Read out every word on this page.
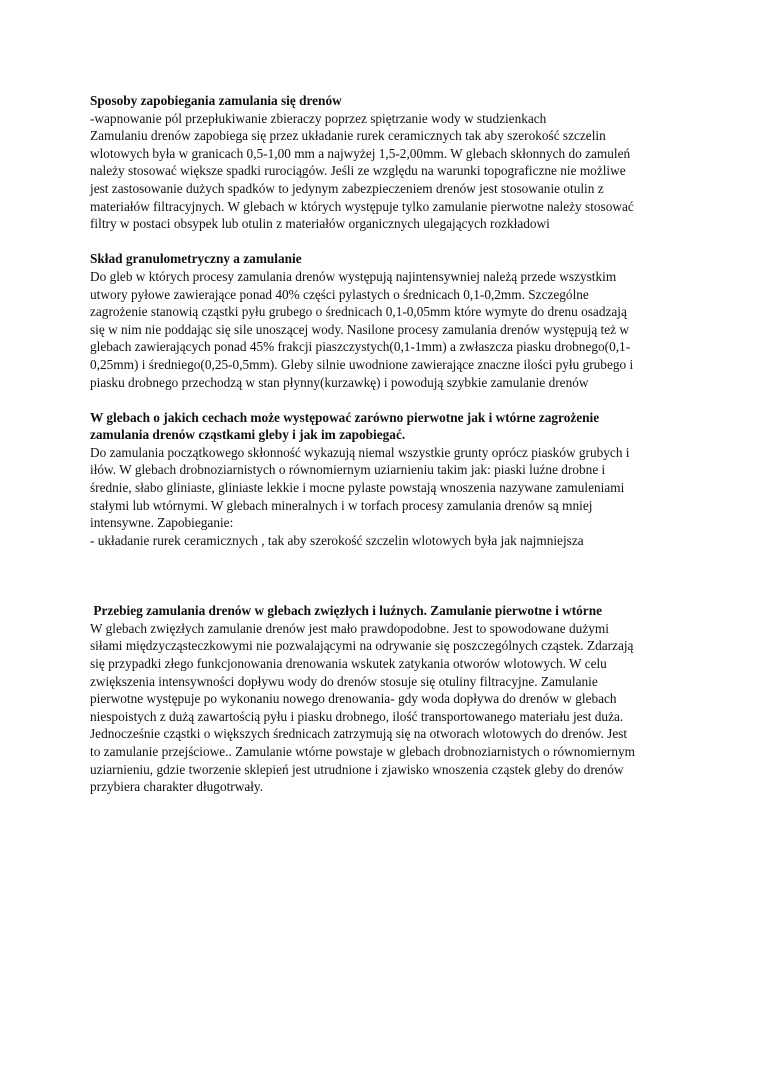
Sposoby zapobiegania zamulania się drenów
-wapnowanie pól przepłukiwanie zbieraczy poprzez spiętrzanie wody w studzienkach
Zamulaniu drenów zapobiega się przez układanie rurek ceramicznych tak aby szerokość szczelin
wlotowych była w granicach 0,5-1,00 mm a najwyżej 1,5-2,00mm. W glebach skłonnych do zamuleń
należy stosować większe spadki rurociągów. Jeśli ze względu na warunki topograficzne nie możliwe
jest zastosowanie dużych spadków to jedynym zabezpieczeniem drenów jest stosowanie otulin z
materiałów filtracyjnych. W glebach w których występuje tylko zamulanie pierwotne należy stosować
filtry w postaci obsypek lub otulin z materiałów organicznych ulegających rozkładowi
Skład granulometryczny a zamulanie
Do gleb w których procesy zamulania drenów występują najintensywniej należą przede wszystkim
utwory pyłowe zawierające ponad 40% części pylastych o średnicach 0,1-0,2mm. Szczególne
zagrożenie stanowią cząstki pyłu grubego o średnicach 0,1-0,05mm które wymyte do drenu osadzają
się w nim nie poddając się sile unoszącej wody. Nasilone procesy zamulania drenów występują też w
glebach zawierających ponad 45% frakcji piaszczystych(0,1-1mm) a zwłaszcza piasku drobnego(0,1-
0,25mm) i średniego(0,25-0,5mm). Gleby silnie uwodnione zawierające znaczne ilości pyłu grubego i
piasku drobnego przechodzą w stan płynny(kurzawkę) i powodują szybkie zamulanie drenów
W glebach o jakich cechach może występować zarówno pierwotne jak i wtórne zagrożenie
zamulania drenów cząstkami gleby i jak im zapobiegać.
Do zamulania początkowego skłonność wykazują niemal wszystkie grunty oprócz piasków grubych i
iłów. W glebach drobnoziarnistych o równomiernym uziarnieniu takim jak: piaski luźne drobne i
średnie, słabo gliniaste, gliniaste lekkie i mocne pylaste powstają wnoszenia nazywane zamuleniami
stałymi lub wtórnymi. W glebach mineralnych i w torfach procesy zamulania drenów są mniej
intensywne. Zapobieganie:
- układanie rurek ceramicznych , tak aby szerokość szczelin wlotowych była jak najmniejsza
Przebieg zamulania drenów w glebach zwięzłych i luźnych. Zamulanie pierwotne i wtórne
W glebach zwięzłych zamulanie drenów jest mało prawdopodobne. Jest to spowodowane dużymi
siłami międzycząsteczkowymi nie pozwalającymi na odrywanie się poszczególnych cząstek. Zdarzają
się przypadki złego funkcjonowania drenowania wskutek zatykania otworów wlotowych. W celu
zwiększenia intensywności dopływu wody do drenów stosuje się otuliny filtracyjne. Zamulanie
pierwotne występuje po wykonaniu nowego drenowania- gdy woda dopływa do drenów w glebach
niespoistych z dużą zawartością pyłu i piasku drobnego, ilość transportowanego materiału jest duża.
Jednocześnie cząstki o większych średnicach zatrzymują się na otworach wlotowych do drenów. Jest
to zamulanie przejściowe.. Zamulanie wtórne powstaje w glebach drobnoziarnistych o równomiernym
uziarnieniu, gdzie tworzenie sklepień jest utrudnione i zjawisko wnoszenia cząstek gleby do drenów
przybiera charakter długotrwały.
